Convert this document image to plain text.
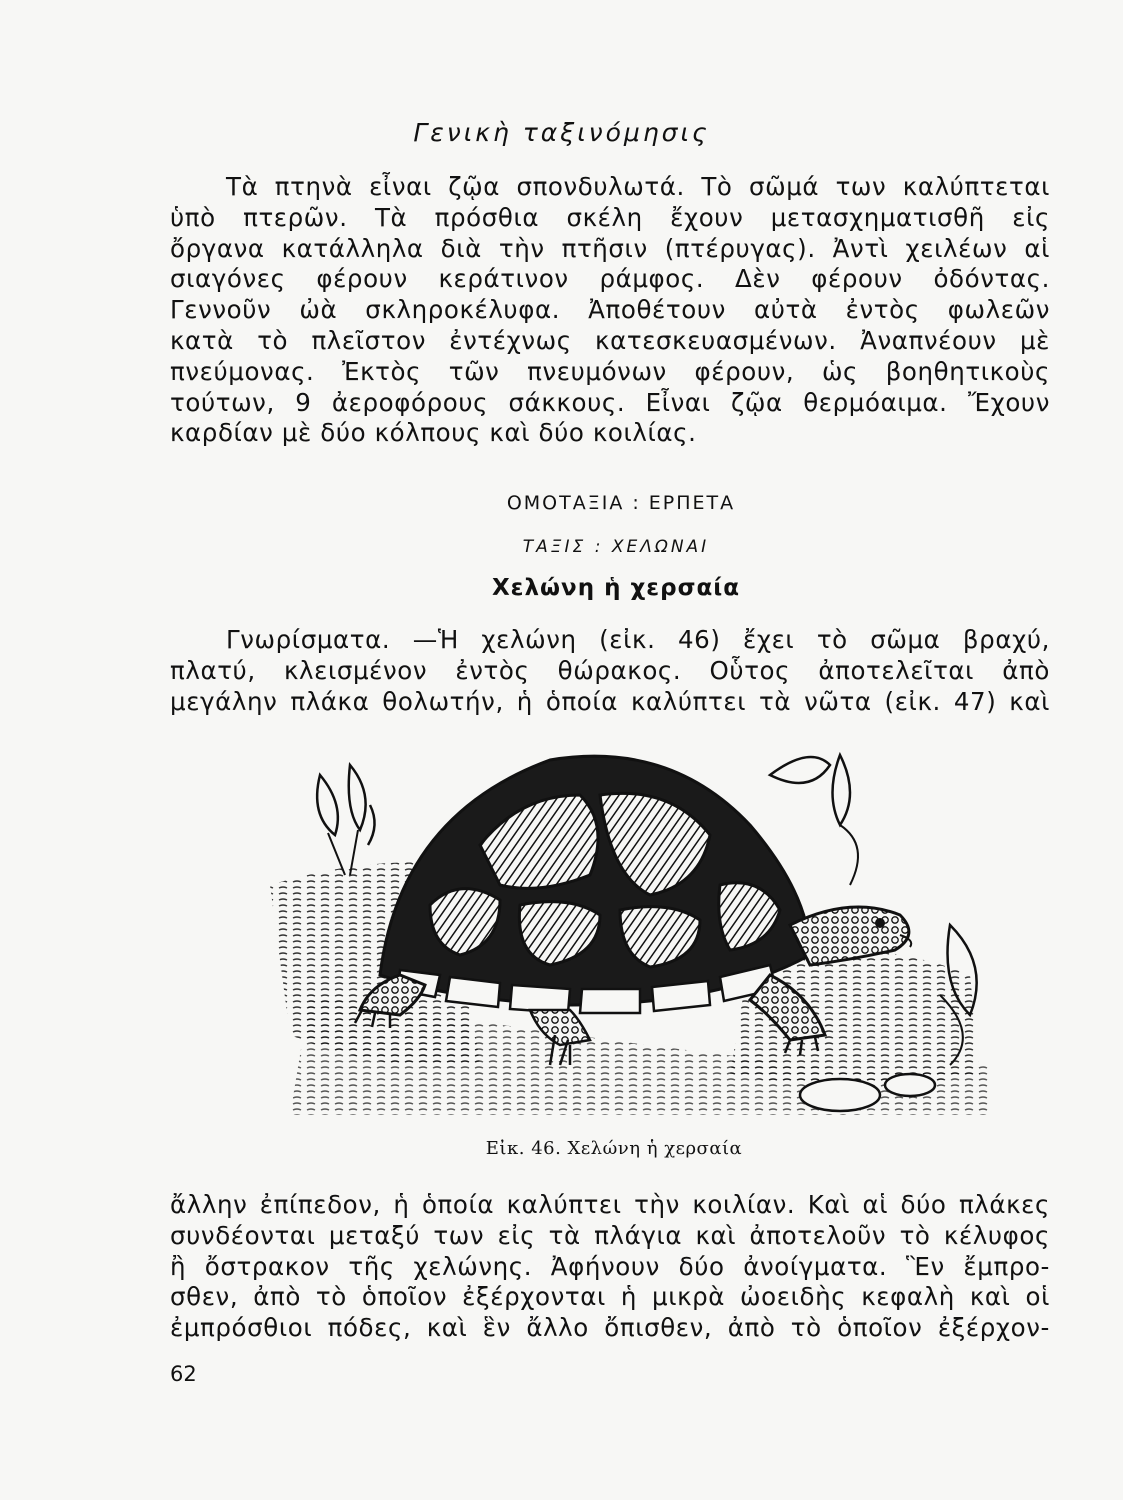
Γενικὴ ταξινόμησις
Τὰ πτηνὰ εἶναι ζῷα σπονδυλωτά. Τὸ σῶμά των καλύπτεται
ὑπὸ πτερῶν. Τὰ πρόσθια σκέλη ἔχουν μετασχηματισθῆ εἰς
ὄργανα κατάλληλα διὰ τὴν πτῆσιν (πτέρυγας). Ἀντὶ χειλέων αἱ
σιαγόνες φέρουν κεράτινον ράμφος. Δὲν φέρουν ὀδόντας.
Γεννοῦν ὠὰ σκληροκέλυφα. Ἀποθέτουν αὐτὰ ἐντὸς φωλεῶν
κατὰ τὸ πλεῖστον ἐντέχνως κατεσκευασμένων. Ἀναπνέουν μὲ
πνεύμονας. Ἐκτὸς τῶν πνευμόνων φέρουν, ὡς βοηθητικοὺς
τούτων, 9 ἀεροφόρους σάκκους. Εἶναι ζῷα θερμόαιμα. Ἔχουν
καρδίαν μὲ δύο κόλπους καὶ δύο κοιλίας.
ΟΜΟΤΑΞΙΑ : ΕΡΠΕΤΑ
ΤΑΞΙΣ : ΧΕΛΩΝΑΙ
Χελώνη ἡ χερσαία
Γνωρίσματα. —Ἡ χελώνη (εἰκ. 46) ἔχει τὸ σῶμα βραχύ,
πλατύ, κλεισμένον ἐντὸς θώρακος. Οὗτος ἀποτελεῖται ἀπὸ
μεγάλην πλάκα θολωτήν, ἡ ὁποία καλύπτει τὰ νῶτα (εἰκ. 47) καὶ
Εἰκ. 46. Χελώνη ἡ χερσαία
ἄλλην ἐπίπεδον, ἡ ὁποία καλύπτει τὴν κοιλίαν. Καὶ αἱ δύο πλάκες
συνδέονται μεταξύ των εἰς τὰ πλάγια καὶ ἀποτελοῦν τὸ κέλυφος
ἢ ὄστρακον τῆς χελώνης. Ἀφήνουν δύο ἀνοίγματα. Ἓν ἔμπρο-
σθεν, ἀπὸ τὸ ὁποῖον ἐξέρχονται ἡ μικρὰ ὠοειδὴς κεφαλὴ καὶ οἱ
ἐμπρόσθιοι πόδες, καὶ ἓν ἄλλο ὄπισθεν, ἀπὸ τὸ ὁποῖον ἐξέρχον-
62
